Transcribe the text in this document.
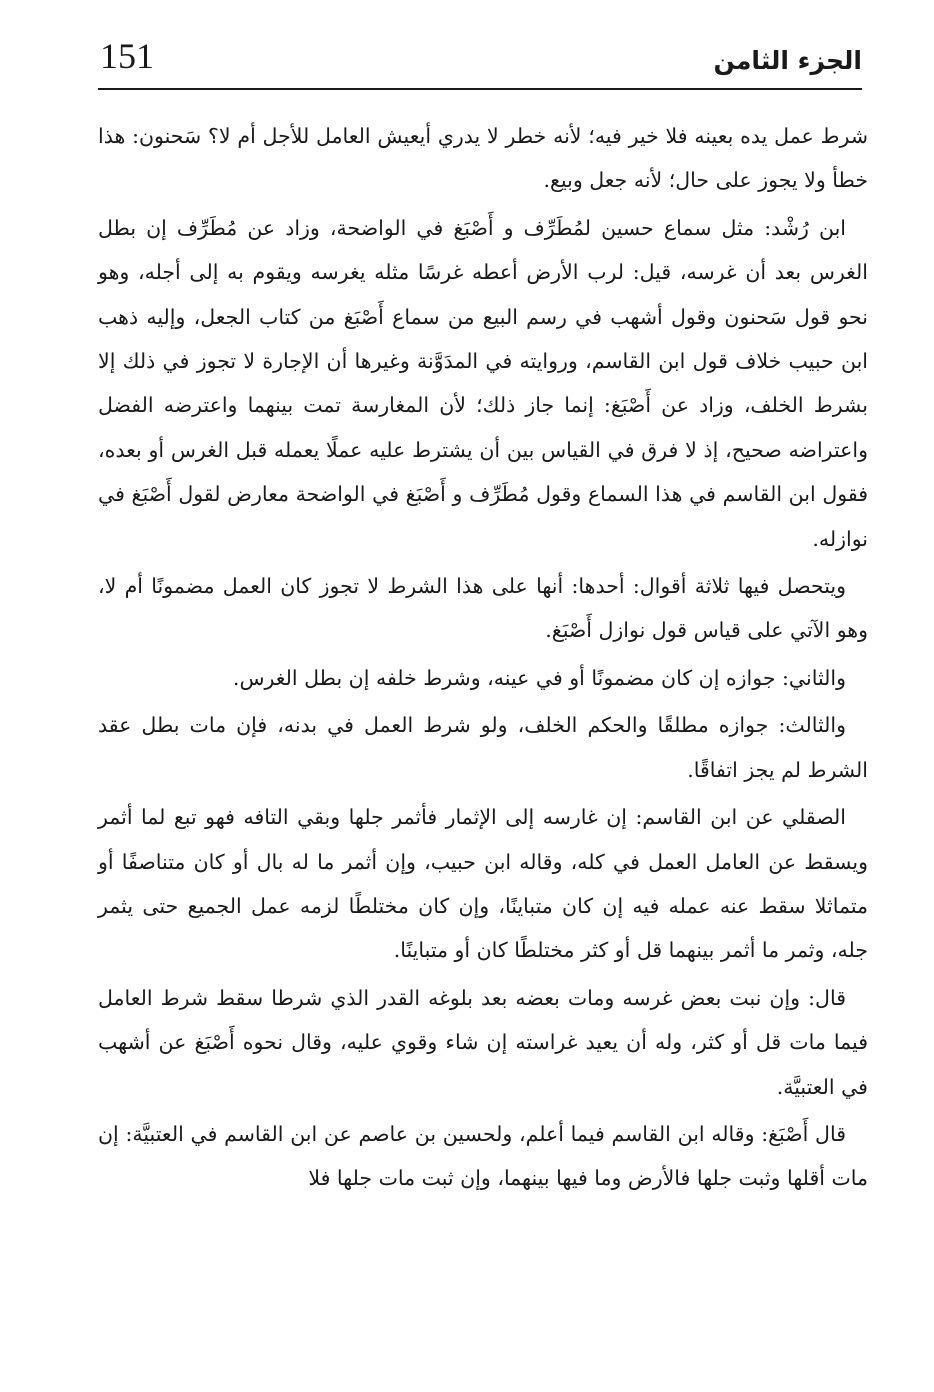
151	الجزء الثامن

شرط عمل يده بعينه فلا خير فيه؛ لأنه خطر لا يدري أيعيش العامل للأجل أم لا؟ سَحنون: هذا خطأ ولا يجوز على حال؛ لأنه جعل وبيع.

ابن رُشْد: مثل سماع حسين لمُطَرِّف و أَصْبَغ في الواضحة، وزاد عن مُطَرِّف إن بطل الغرس بعد أن غرسه، قيل: لرب الأرض أعطه غرسًا مثله يغرسه ويقوم به إلى أجله، وهو نحو قول سَحنون وقول أشهب في رسم البيع من سماع أَصْبَغ من كتاب الجعل، وإليه ذهب ابن حبيب خلاف قول ابن القاسم، وروايته في المدَوَّنة وغيرها أن الإجارة لا تجوز في ذلك إلا بشرط الخلف، وزاد عن أَصْبَغ: إنما جاز ذلك؛ لأن المغارسة تمت بينهما واعترضه الفضل واعتراضه صحيح، إذ لا فرق في القياس بين أن يشترط عليه عملًا يعمله قبل الغرس أو بعده، فقول ابن القاسم في هذا السماع وقول مُطَرِّف و أَصْبَغ في الواضحة معارض لقول أَصْبَغ في نوازله.

ويتحصل فيها ثلاثة أقوال: أحدها: أنها على هذا الشرط لا تجوز كان العمل مضمونًا أم لا، وهو الآتي على قياس قول نوازل أَصْبَغ.

والثاني: جوازه إن كان مضمونًا أو في عينه، وشرط خلفه إن بطل الغرس.

والثالث: جوازه مطلقًا والحكم الخلف، ولو شرط العمل في بدنه، فإن مات بطل عقد الشرط لم يجز اتفاقًا.

الصقلي عن ابن القاسم: إن غارسه إلى الإثمار فأثمر جلها وبقي التافه فهو تبع لما أثمر ويسقط عن العامل العمل في كله، وقاله ابن حبيب، وإن أثمر ما له بال أو كان متناصفًا أو متماثلا سقط عنه عمله فيه إن كان متباينًا، وإن كان مختلطًا لزمه عمل الجميع حتى يثمر جله، وثمر ما أثمر بينهما قل أو كثر مختلطًا كان أو متباينًا.

قال: وإن نبت بعض غرسه ومات بعضه بعد بلوغه القدر الذي شرطا سقط شرط العامل فيما مات قل أو كثر، وله أن يعيد غراسته إن شاء وقوي عليه، وقال نحوه أَصْبَغ عن أشهب في العتبيَّة.

قال أَصْبَغ: وقاله ابن القاسم فيما أعلم، ولحسين بن عاصم عن ابن القاسم في العتبيَّة: إن مات أقلها وثبت جلها فالأرض وما فيها بينهما، وإن ثبت مات جلها فلا
